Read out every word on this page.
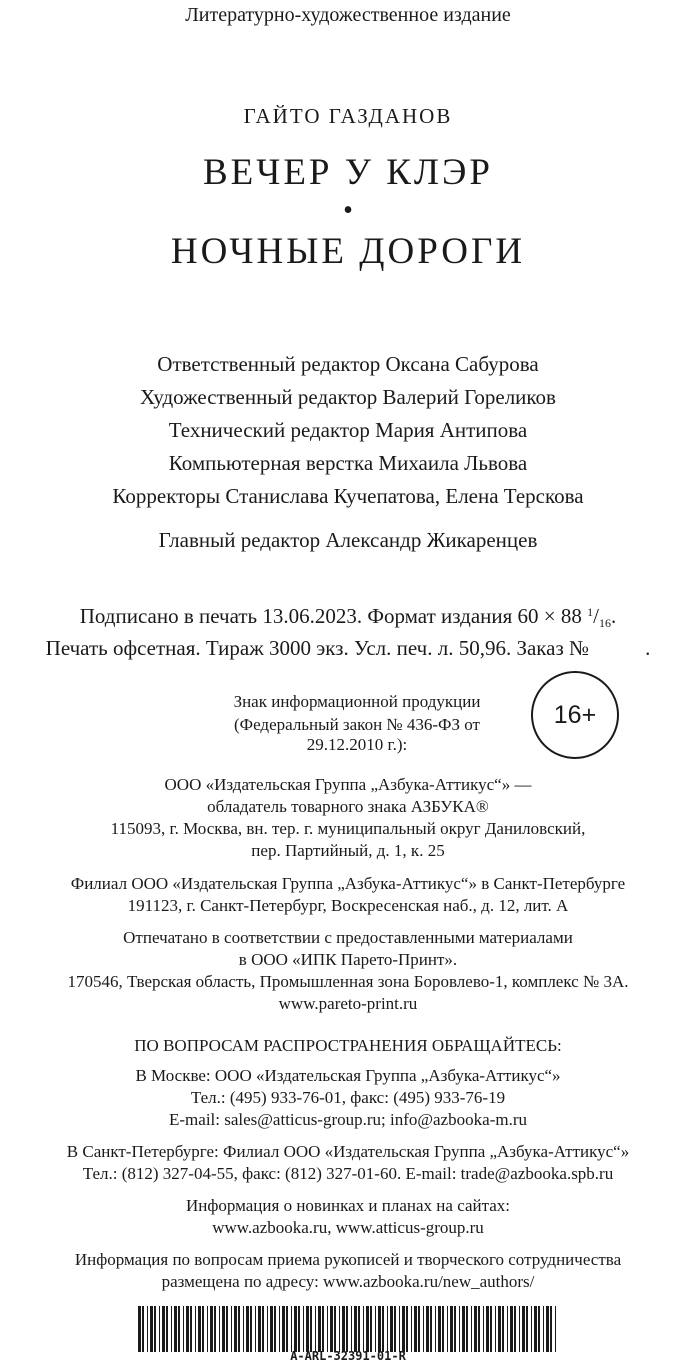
Литературно-художественное издание
ГАЙТО ГАЗДАНОВ
ВЕЧЕР У КЛЭР
•
НОЧНЫЕ ДОРОГИ
Ответственный редактор Оксана Сабурова
Художественный редактор Валерий Гореликов
Технический редактор Мария Антипова
Компьютерная верстка Михаила Львова
Корректоры Станислава Кучепатова, Елена Терскова
Главный редактор Александр Жикаренцев
Подписано в печать 13.06.2023. Формат издания 60 × 88 $^1/_{16}$.
Печать офсетная. Тираж 3000 экз. Усл. печ. л. 50,96. Заказ №	.
Знак информационной продукции
(Федеральный закон № 436-ФЗ от 29.12.2010 г.):
16+
ООО «Издательская Группа „Азбука-Аттикус“» —
обладатель товарного знака АЗБУКА®
115093, г. Москва, вн. тер. г. муниципальный округ Даниловский,
пер. Партийный, д. 1, к. 25
Филиал ООО «Издательская Группа „Азбука-Аттикус“» в Санкт-Петербурге
191123, г. Санкт-Петербург, Воскресенская наб., д. 12, лит. А
Отпечатано в соответствии с предоставленными материалами
в ООО «ИПК Парето-Принт».
170546, Тверская область, Промышленная зона Боровлево-1, комплекс № 3А.
www.pareto-print.ru
ПО ВОПРОСАМ РАСПРОСТРАНЕНИЯ ОБРАЩАЙТЕСЬ:
В Москве: ООО «Издательская Группа „Азбука-Аттикус“»
Тел.: (495) 933-76-01, факс: (495) 933-76-19
E-mail: sales@atticus-group.ru; info@azbooka-m.ru
В Санкт-Петербурге: Филиал ООО «Издательская Группа „Азбука-Аттикус“»
Тел.: (812) 327-04-55, факс: (812) 327-01-60. E-mail: trade@azbooka.spb.ru
Информация о новинках и планах на сайтах:
www.azbooka.ru, www.atticus-group.ru
Информация по вопросам приема рукописей и творческого сотрудничества
размещена по адресу: www.azbooka.ru/new_authors/
A-ARL-32391-01-R
